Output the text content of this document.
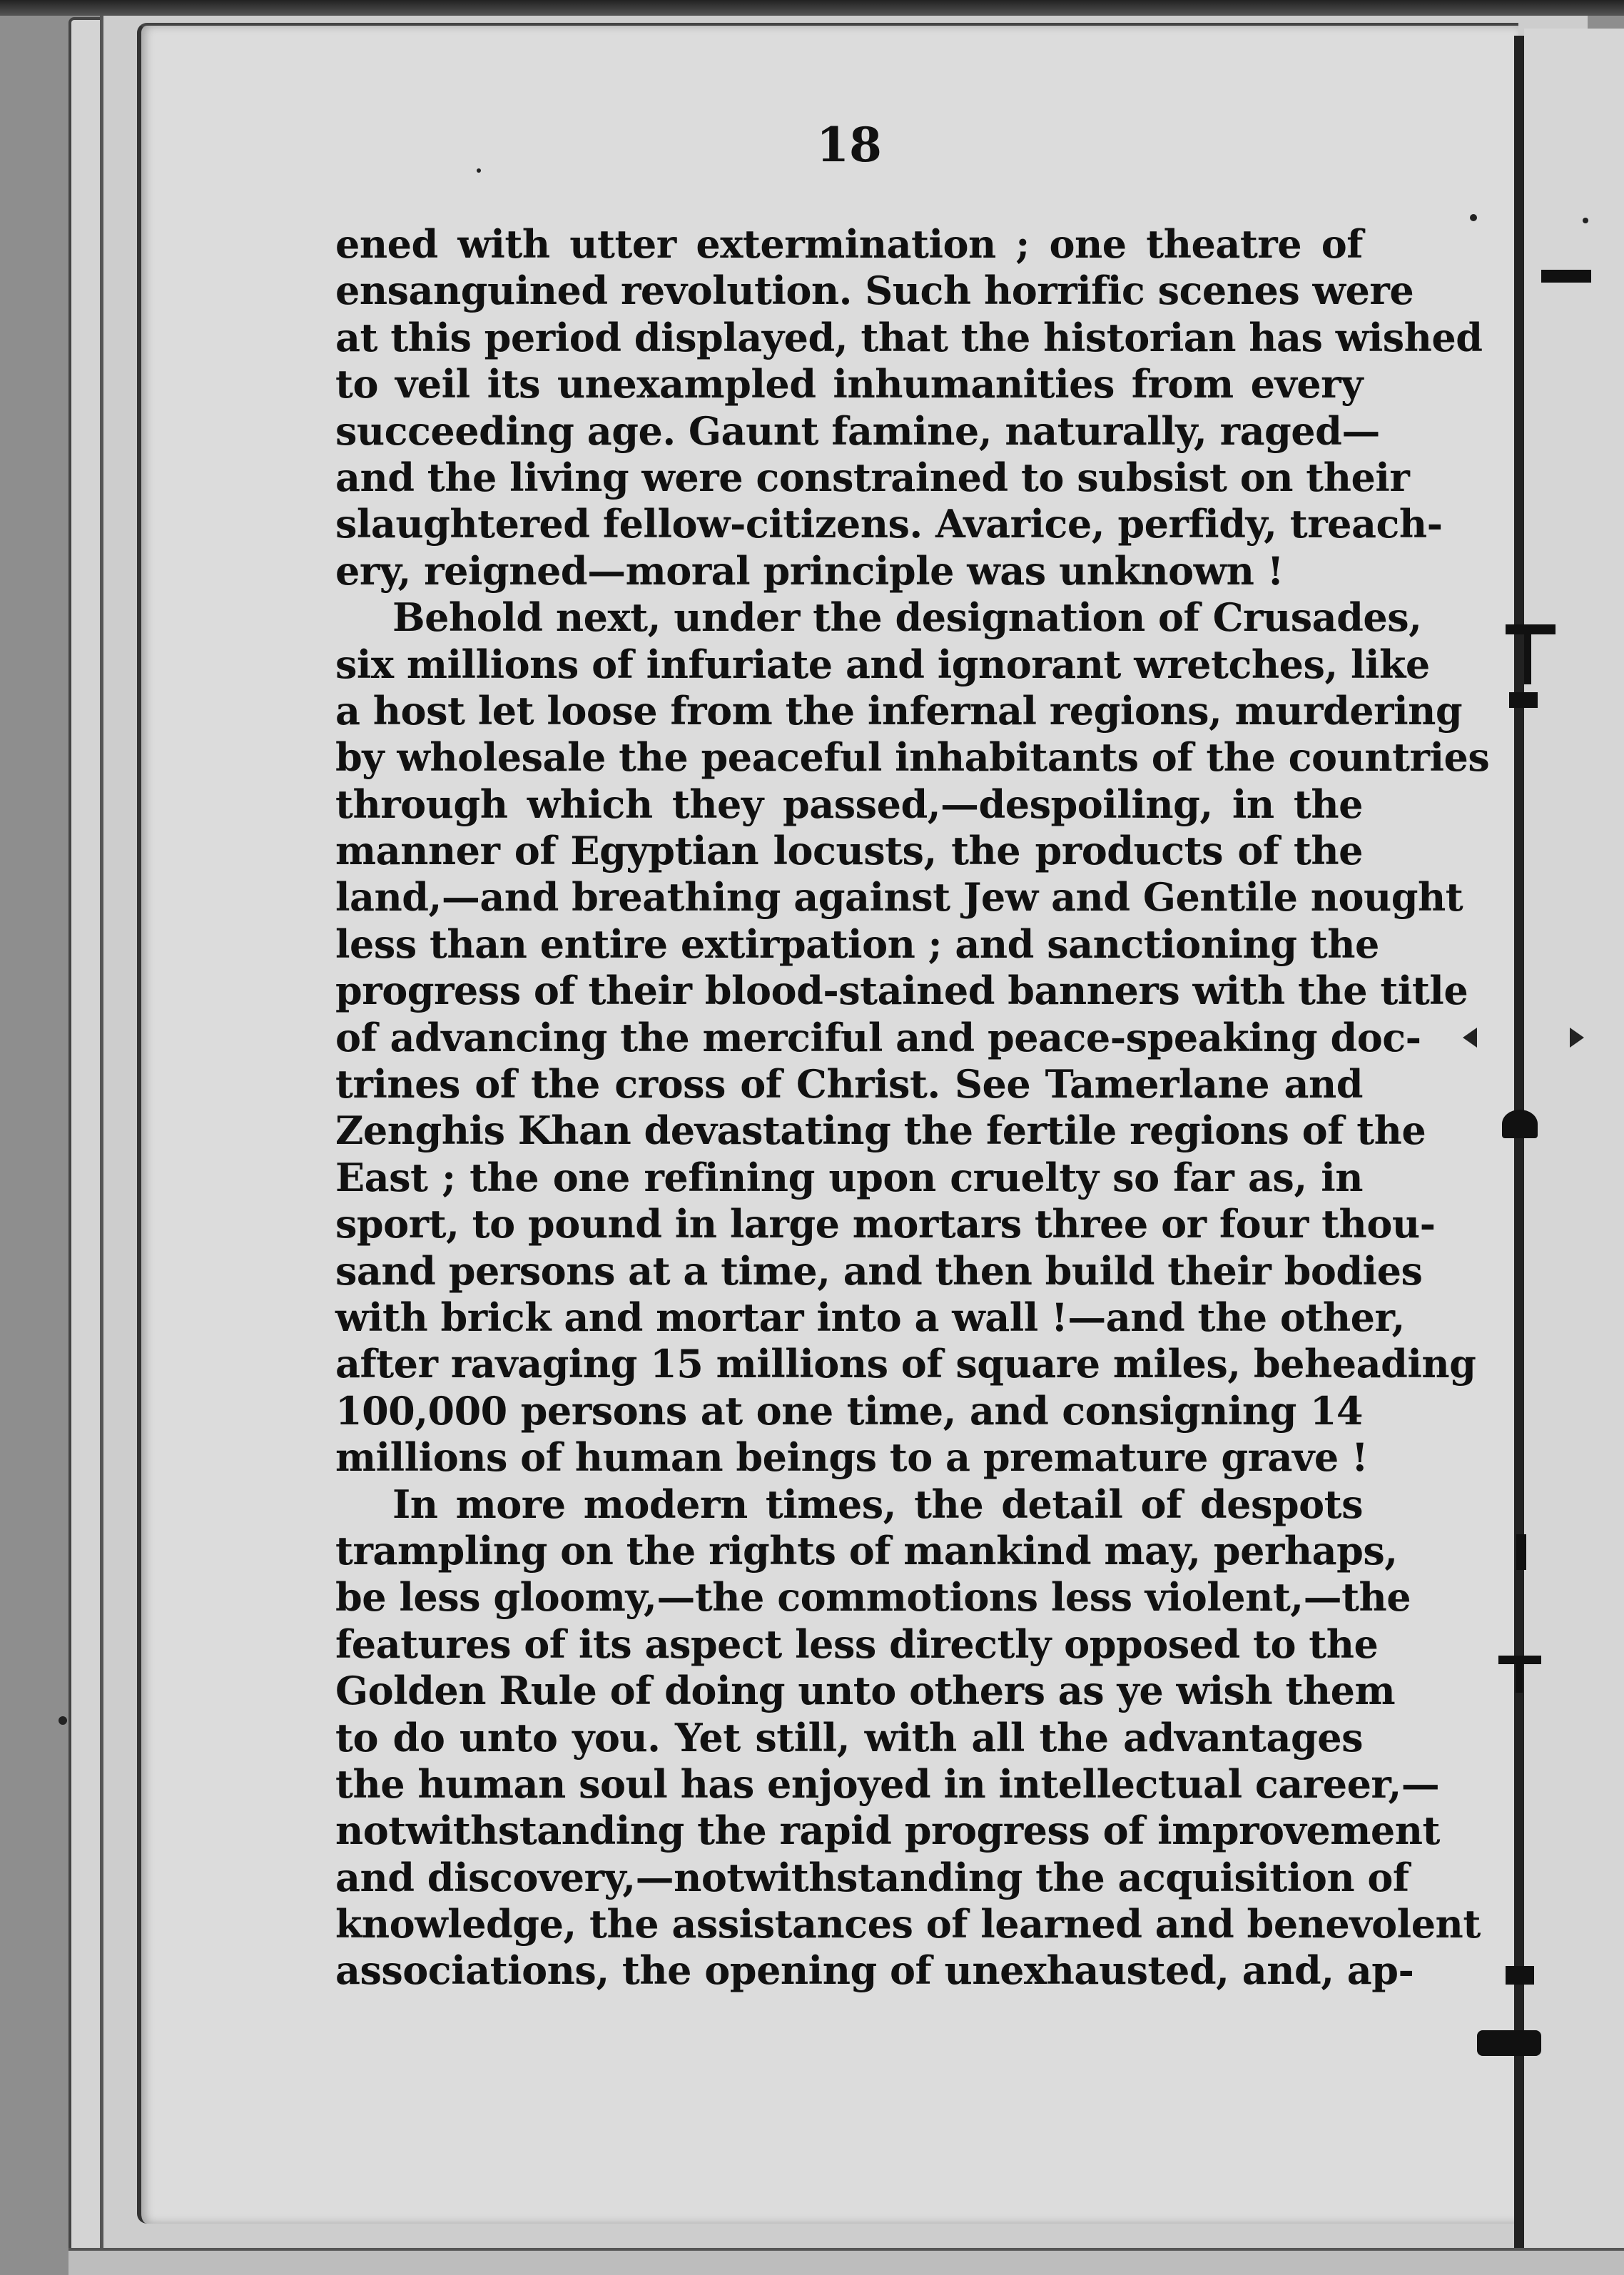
18
ened with utter extermination ; one theatre of
ensanguined revolution. Such horrific scenes were
at this period displayed, that the historian has wished
to veil its unexampled inhumanities from every
succeeding age. Gaunt famine, naturally, raged—
and the living were constrained to subsist on their
slaughtered fellow-citizens. Avarice, perfidy, treach-
ery, reigned—moral principle was unknown !
Behold next, under the designation of Crusades,
six millions of infuriate and ignorant wretches, like
a host let loose from the infernal regions, murdering
by wholesale the peaceful inhabitants of the countries
through which they passed,—despoiling, in the
manner of Egyptian locusts, the products of the
land,—and breathing against Jew and Gentile nought
less than entire extirpation ; and sanctioning the
progress of their blood-stained banners with the title
of advancing the merciful and peace-speaking doc-
trines of the cross of Christ. See Tamerlane and
Zenghis Khan devastating the fertile regions of the
East ; the one refining upon cruelty so far as, in
sport, to pound in large mortars three or four thou-
sand persons at a time, and then build their bodies
with brick and mortar into a wall !—and the other,
after ravaging 15 millions of square miles, beheading
100,000 persons at one time, and consigning 14
millions of human beings to a premature grave !
In more modern times, the detail of despots
trampling on the rights of mankind may, perhaps,
be less gloomy,—the commotions less violent,—the
features of its aspect less directly opposed to the
Golden Rule of doing unto others as ye wish them
to do unto you. Yet still, with all the advantages
the human soul has enjoyed in intellectual career,—
notwithstanding the rapid progress of improvement
and discovery,—notwithstanding the acquisition of
knowledge, the assistances of learned and benevolent
associations, the opening of unexhausted, and, ap-
